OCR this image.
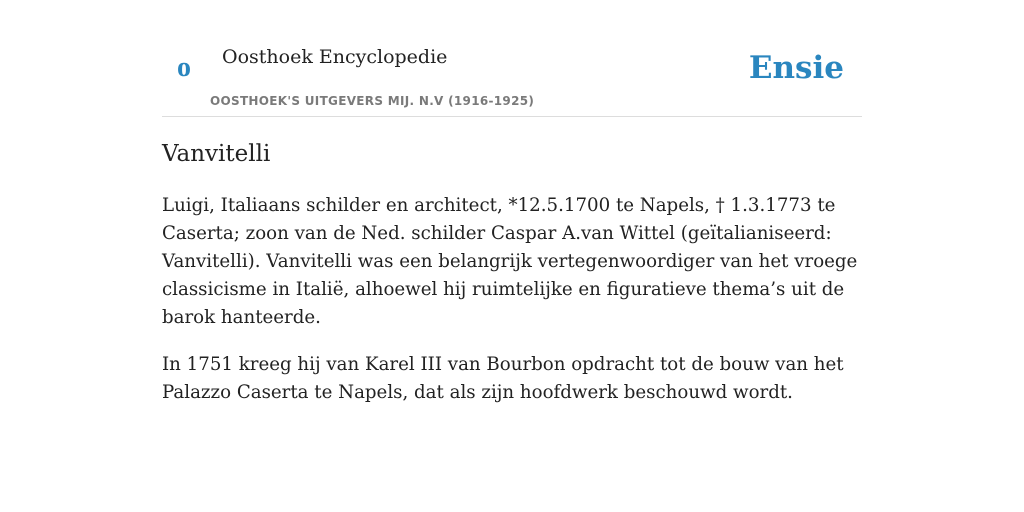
o Oosthoek Encyclopedie
OOSTHOEK'S UITGEVERS MIJ. N.V (1916-1925)
Ensie
Vanvitelli

Luigi, Italiaans schilder en architect, *12.5.1700 te Napels, † 1.3.1773 te Caserta; zoon van de Ned. schilder Caspar A.van Wittel (geïtalianiseerd: Vanvitelli). Vanvitelli was een belangrijk vertegenwoordiger van het vroege classicisme in Italië, alhoewel hij ruimtelijke en figuratieve thema’s uit de barok hanteerde.

In 1751 kreeg hij van Karel III van Bourbon opdracht tot de bouw van het Palazzo Caserta te Napels, dat als zijn hoofdwerk beschouwd wordt.
